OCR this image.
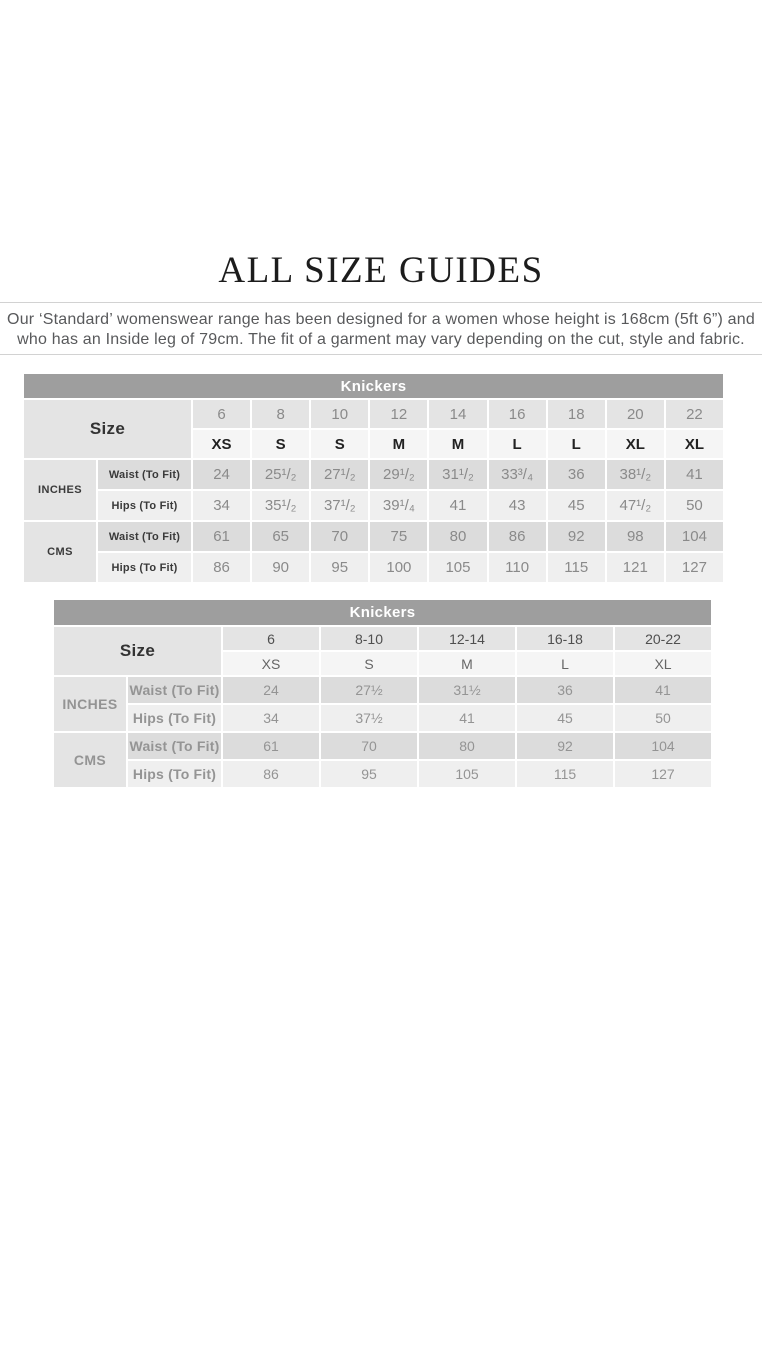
ALL SIZE GUIDES
Our ‘Standard’ womenswear range has been designed for a women whose height is 168cm (5ft 6”) and
who has an Inside leg of 79cm. The fit of a garment may vary depending on the cut, style and fabric.
Knickers										
Size		6	8	10	12	14	16	18	20	22
		XS	S	S	M	M	L	L	XL	XL
INCHES	Waist (To Fit)	24	25¹/₂	27¹/₂	29¹/₂	31¹/₂	33³/₄	36	38¹/₂	41
	Hips (To Fit)	34	35¹/₂	37¹/₂	39¹/₄	41	43	45	47¹/₂	50
CMS	Waist (To Fit)	61	65	70	75	80	86	92	98	104
	Hips (To Fit)	86	90	95	100	105	110	115	121	127
Knickers						
Size		6	8-10	12-14	16-18	20-22
		XS	S	M	L	XL
INCHES	Waist (To Fit)	24	27½	31½	36	41
	Hips (To Fit)	34	37½	41	45	50
CMS	Waist (To Fit)	61	70	80	92	104
	Hips (To Fit)	86	95	105	115	127
